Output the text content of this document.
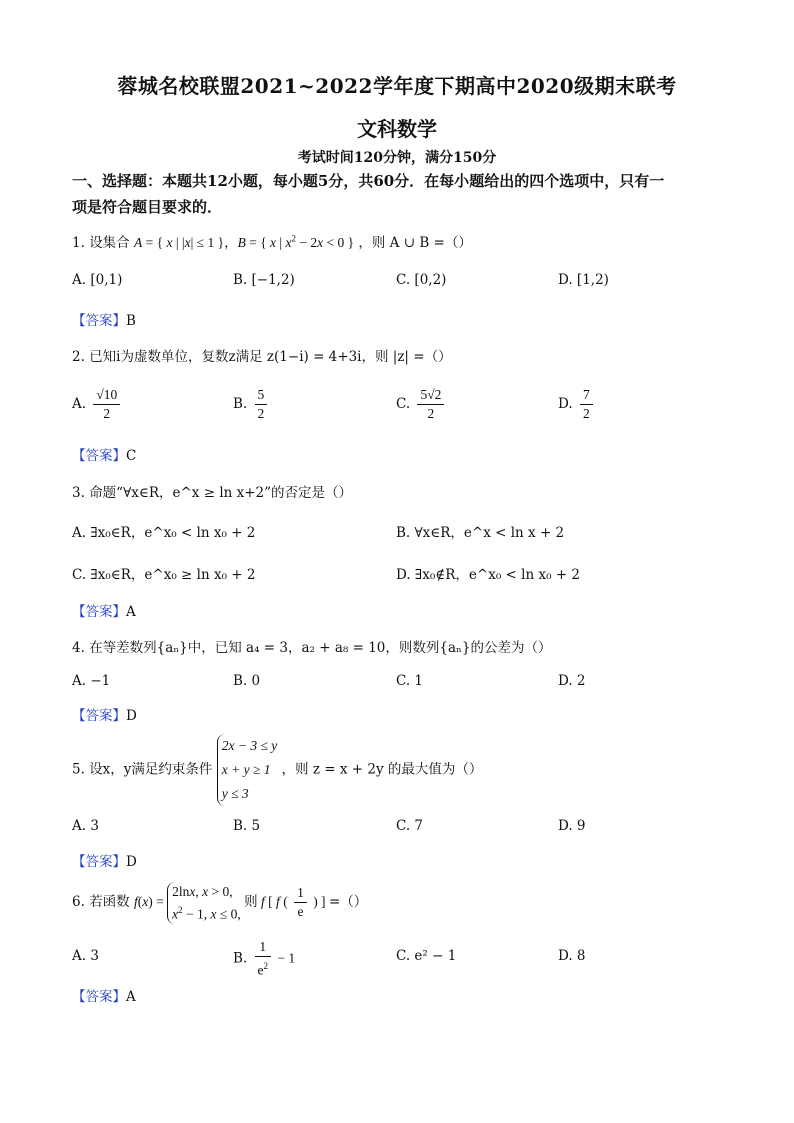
蓉城名校联盟2021~2022学年度下期高中2020级期末联考
文科数学
考试时间120分钟，满分150分
一、选择题：本题共12小题，每小题5分，共60分．在每小题给出的四个选项中，只有一
项是符合题目要求的．
1. 设集合 A = { x | |x| ≤ 1 }，B = { x | $x^2 - 2x < 0$ } ，则 A ∪ B =（）
A. [0,1)	B. [−1,2)	C. [0,2)	D. [1,2)
【答案】B
2. 已知i为虚数单位，复数z满足 z(1−i) = 4+3i，则 |z| =（）
A. $\frac{√10}{2}$	B. $\frac{5}{2}$	C. $\frac{5√2}{2}$	D. $\frac{7}{2}$
【答案】C
3. 命题“∀x∈R，e^x ≥ ln x+2”的否定是（）
A. ∃x₀∈R，e^x₀ < ln x₀ + 2	B. ∀x∈R，e^x < ln x + 2
C. ∃x₀∈R，e^x₀ ≥ ln x₀ + 2	D. ∃x₀∉R，e^x₀ < ln x₀ + 2
【答案】A
4. 在等差数列{aₙ}中，已知 a₄ = 3，a₂ + a₈ = 10，则数列{aₙ}的公差为（）
A. −1	B. 0	C. 1	D. 2
【答案】D
5. 设x，y满足约束条件
2x − 3 ≤ y
x + y ≥ 1
y ≤ 3
，则 z = x + 2y 的最大值为（）
A. 3	B. 5	C. 7	D. 9
【答案】D
6. 若函数 f(x) =
2lnx, x > 0,
$x^2 - 1$, x ≤ 0,
则 f [ f ( $\frac{1}{e}$ ) ] =（）
A. 3	B. $\frac{1}{e^2} - 1$	C. e² − 1	D. 8
【答案】A
